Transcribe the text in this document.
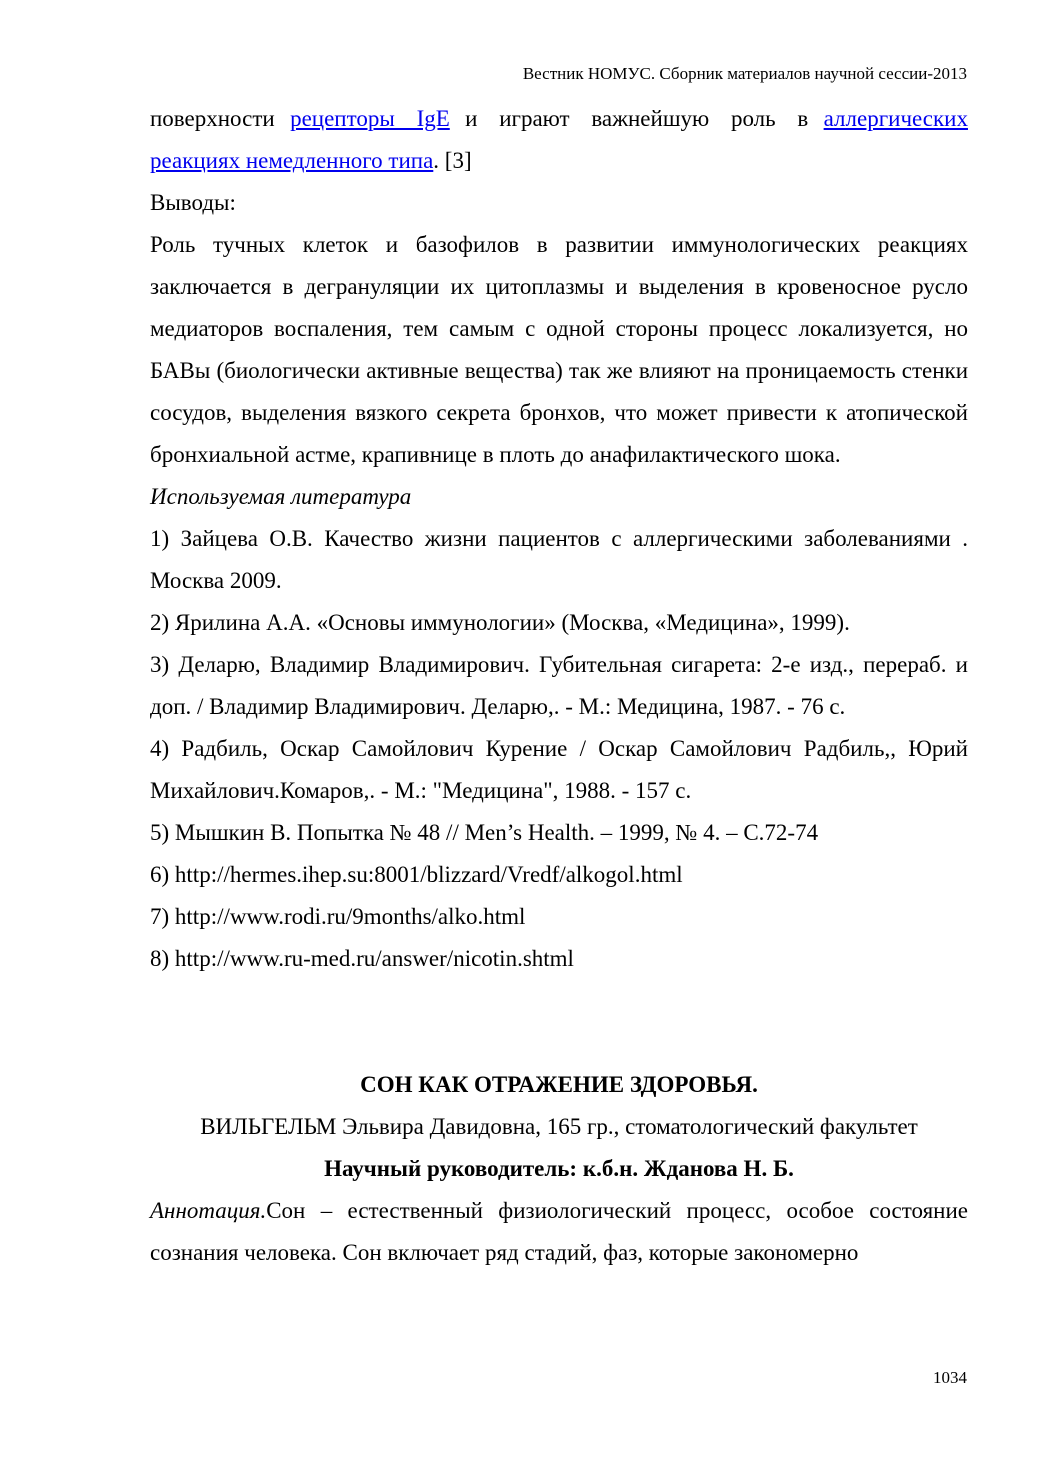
Вестник НОМУС. Сборник материалов научной сессии-2013

поверхности рецепторы IgE и играют важнейшую роль в аллергических
реакциях немедленного типа. [3]

Выводы:

Роль тучных клеток и базофилов в развитии иммунологических реакциях заключается в дегрануляции их цитоплазмы и выделения в кровеносное русло медиаторов воспаления, тем самым с одной стороны процесс локализуется, но БАВы (биологически активные вещества) так же влияют на проницаемость стенки сосудов, выделения вязкого секрета бронхов, что может привести к атопической бронхиальной астме, крапивнице в плоть до анафилактического шока.

Используемая литература

1) Зайцева О.В. Качество жизни пациентов с аллергическими заболеваниями . Москва 2009.

2) Ярилина А.А. «Основы иммунологии» (Москва, «Медицина», 1999).

3) Деларю, Владимир Владимирович. Губительная сигарета: 2-е изд., перераб. и доп. / Владимир Владимирович. Деларю,. - М.: Медицина, 1987. - 76 с.

4) Радбиль, Оскар Самойлович Курение / Оскар Самойлович Радбиль,, Юрий Михайлович.Комаров,. - М.: "Медицина", 1988. - 157 с.

5) Мышкин В. Попытка № 48 // Men’s Health. – 1999, № 4. – С.72-74

6) http://hermes.ihep.su:8001/blizzard/Vredf/alkogol.html

7) http://www.rodi.ru/9months/alko.html

8) http://www.ru-med.ru/answer/nicotin.shtml

СОН КАК ОТРАЖЕНИЕ ЗДОРОВЬЯ.

ВИЛЬГЕЛЬМ Эльвира Давидовна, 165 гр., стоматологический факультет

Научный руководитель: к.б.н. Жданова Н. Б.

Аннотация.Сон – естественный физиологический процесс, особое состояние сознания человека. Сон включает ряд стадий, фаз, которые закономерно

1034
